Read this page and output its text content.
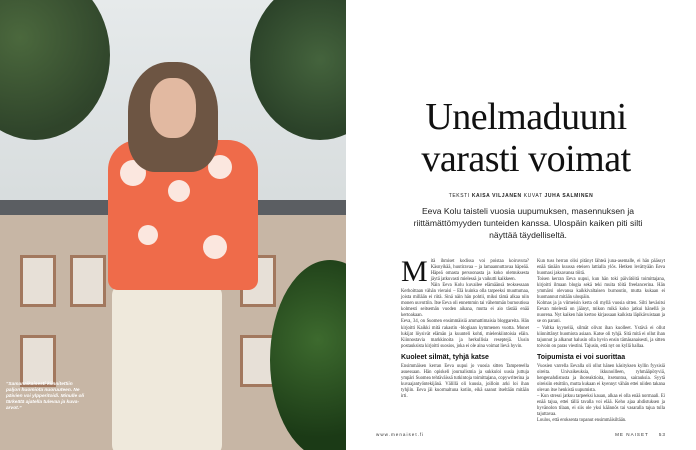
“Samanaikaisesti kiinnitettiin paljon huomiota nuoruuteen. Ne päivien voi ylpperitoidi. Minulle oli tärkeätä ajatella tulevaa ja kuva-arvot.”
Unelmaduuni
varasti voimat
TEKSTI KAISA VILJANEN KUVAT JUHA SALMINEN
Eeva Kolu taisteli vuosia uupumuksen, masennuksen ja riittämättömyyden tunteiden kanssa. Ulospäin kaiken piti silti näyttää täydelliseltä.
M itä ihmiset kodissa voi poistaa koiruvuta? Käsnyikää, huutiravaa – ja lamaannuttavaa häpeää. Häpeä omasta persoonasta ja koko olemuksesta jäytä jatkuvasti mielessä ja vaikutti kaikkeen.

Näin Eeva Kolu kuvailee elämäänsä teoksessaan Kerhoittaan vähän vieraisi – Elä kuinka olla tarpeeksi muuttumaa, joista millään ei riitä. Sinä näin hän pohtii, miksi tämä alkaa niin monen uuvuttiin. Itse Eeva oli ennemmin tai vähemmän burnoutissa kolmesti seitsemän vuoden aikana, mutta ei aio tästää enää kertoakaan.

Eeva, 34, on Suomen ensimmäisiä ammattimaisia bloggareita. Hän kirjoitti Kaikki mitä rakastin -blogiaan kymmenen vuotta. Monet lukijat löysivät elämän ja kuunteli kohti, mielenkiintoisia eläin. Kiinnostavia markkinoita ja herkullisia reseptejä. Uusin postauksista kirjoitti suosios, joka ei ole aina voimat lievä hyvin.

Kuoleet silmät, tyhjä katse

Ensimmäisen kerran Eeva uupui jo vuosia sitten Tampereella asuessaan. Hän opiskeli journalismia ja sukkuloi uusia juttuja ympäri Suomea tehtäväissä tutkintoja toimittajana, copywriterina ja kuvaajantyöntekijänä. Välillä oli kuusia, joilloin arki loi ihan tyhjiin. Eeva jäi kuormaltuna kotiin, eikä saanut itseltään mitään irti.

Kun tuss herran olisi pitänyt lähteä juna-asemalle, ei hän päässyt enää tänään kuussa eteisen lattialla ylös. Hetken levättyään Eeva huomasi jaksavansa töitä.

Toisen kerran Eeva uupui, kun hän toki päivätöitä toimittajana, kirjoitti ilmaan blogia sekä teki muita töitä freelancerina. Hän ymmärsi olevansa kaikkivaltaisen burnoutin, mutta kukaan ei huomannut mitään ulospäin.

Kolmas ja ja viimeisin kerta oli myllä vuosia sitten. Silti heväsitsi Eevan mielestä on jäänyt, mikon mikä koko jatkui hänellä jo nuorena. Nyt kaiken hän kertoo kirjassaan kaikista läpikävuistaan ja se on parani.

– Valtka kyyneliä, silmät olivat ihan kuolleet. Ystävä ei ollut kiinnittänyt huomiota asiaan. Katse oli tyhjä. Sitä mitä ei ollut ihan tajunnut ja alkanut halusin olla hyvin ensin tämäsanaisesti, ja sitten toivoin on paras viestini. Tajusin, että nyt on kyllä hallaa.

Toipumista ei voi suorittaa

Vuosien varrella Eevalla oli ollut hänen käsityksen kyllin fyysisiä oireita. Univaikeuksia, ikkunoilleen, ryhmääpötyviä, hengenahdistusta ja ihoreaktioita, itsetuntoa, sairauksia. Syytä oireisiin etsittiin, mutta kukaan ei kyennyt vähän ettei niiden takana olevan itse henkistä uupumista.

– Kun stressi jatkuu tarpeeksi kauan, alkaa ei olla enää normaali. Ei enää tajua, ettei tällä tavalla voi elää. Keho ajaa ahdistuksen ja hyvänolon tilaan, ei siis ole yksi käännös tai vasaralla tajua tulla tajuttavaa.

Loulos, että eroksenta topanut ensimmäisiltään.

www.menaiset.fi	ME NAISET 53
